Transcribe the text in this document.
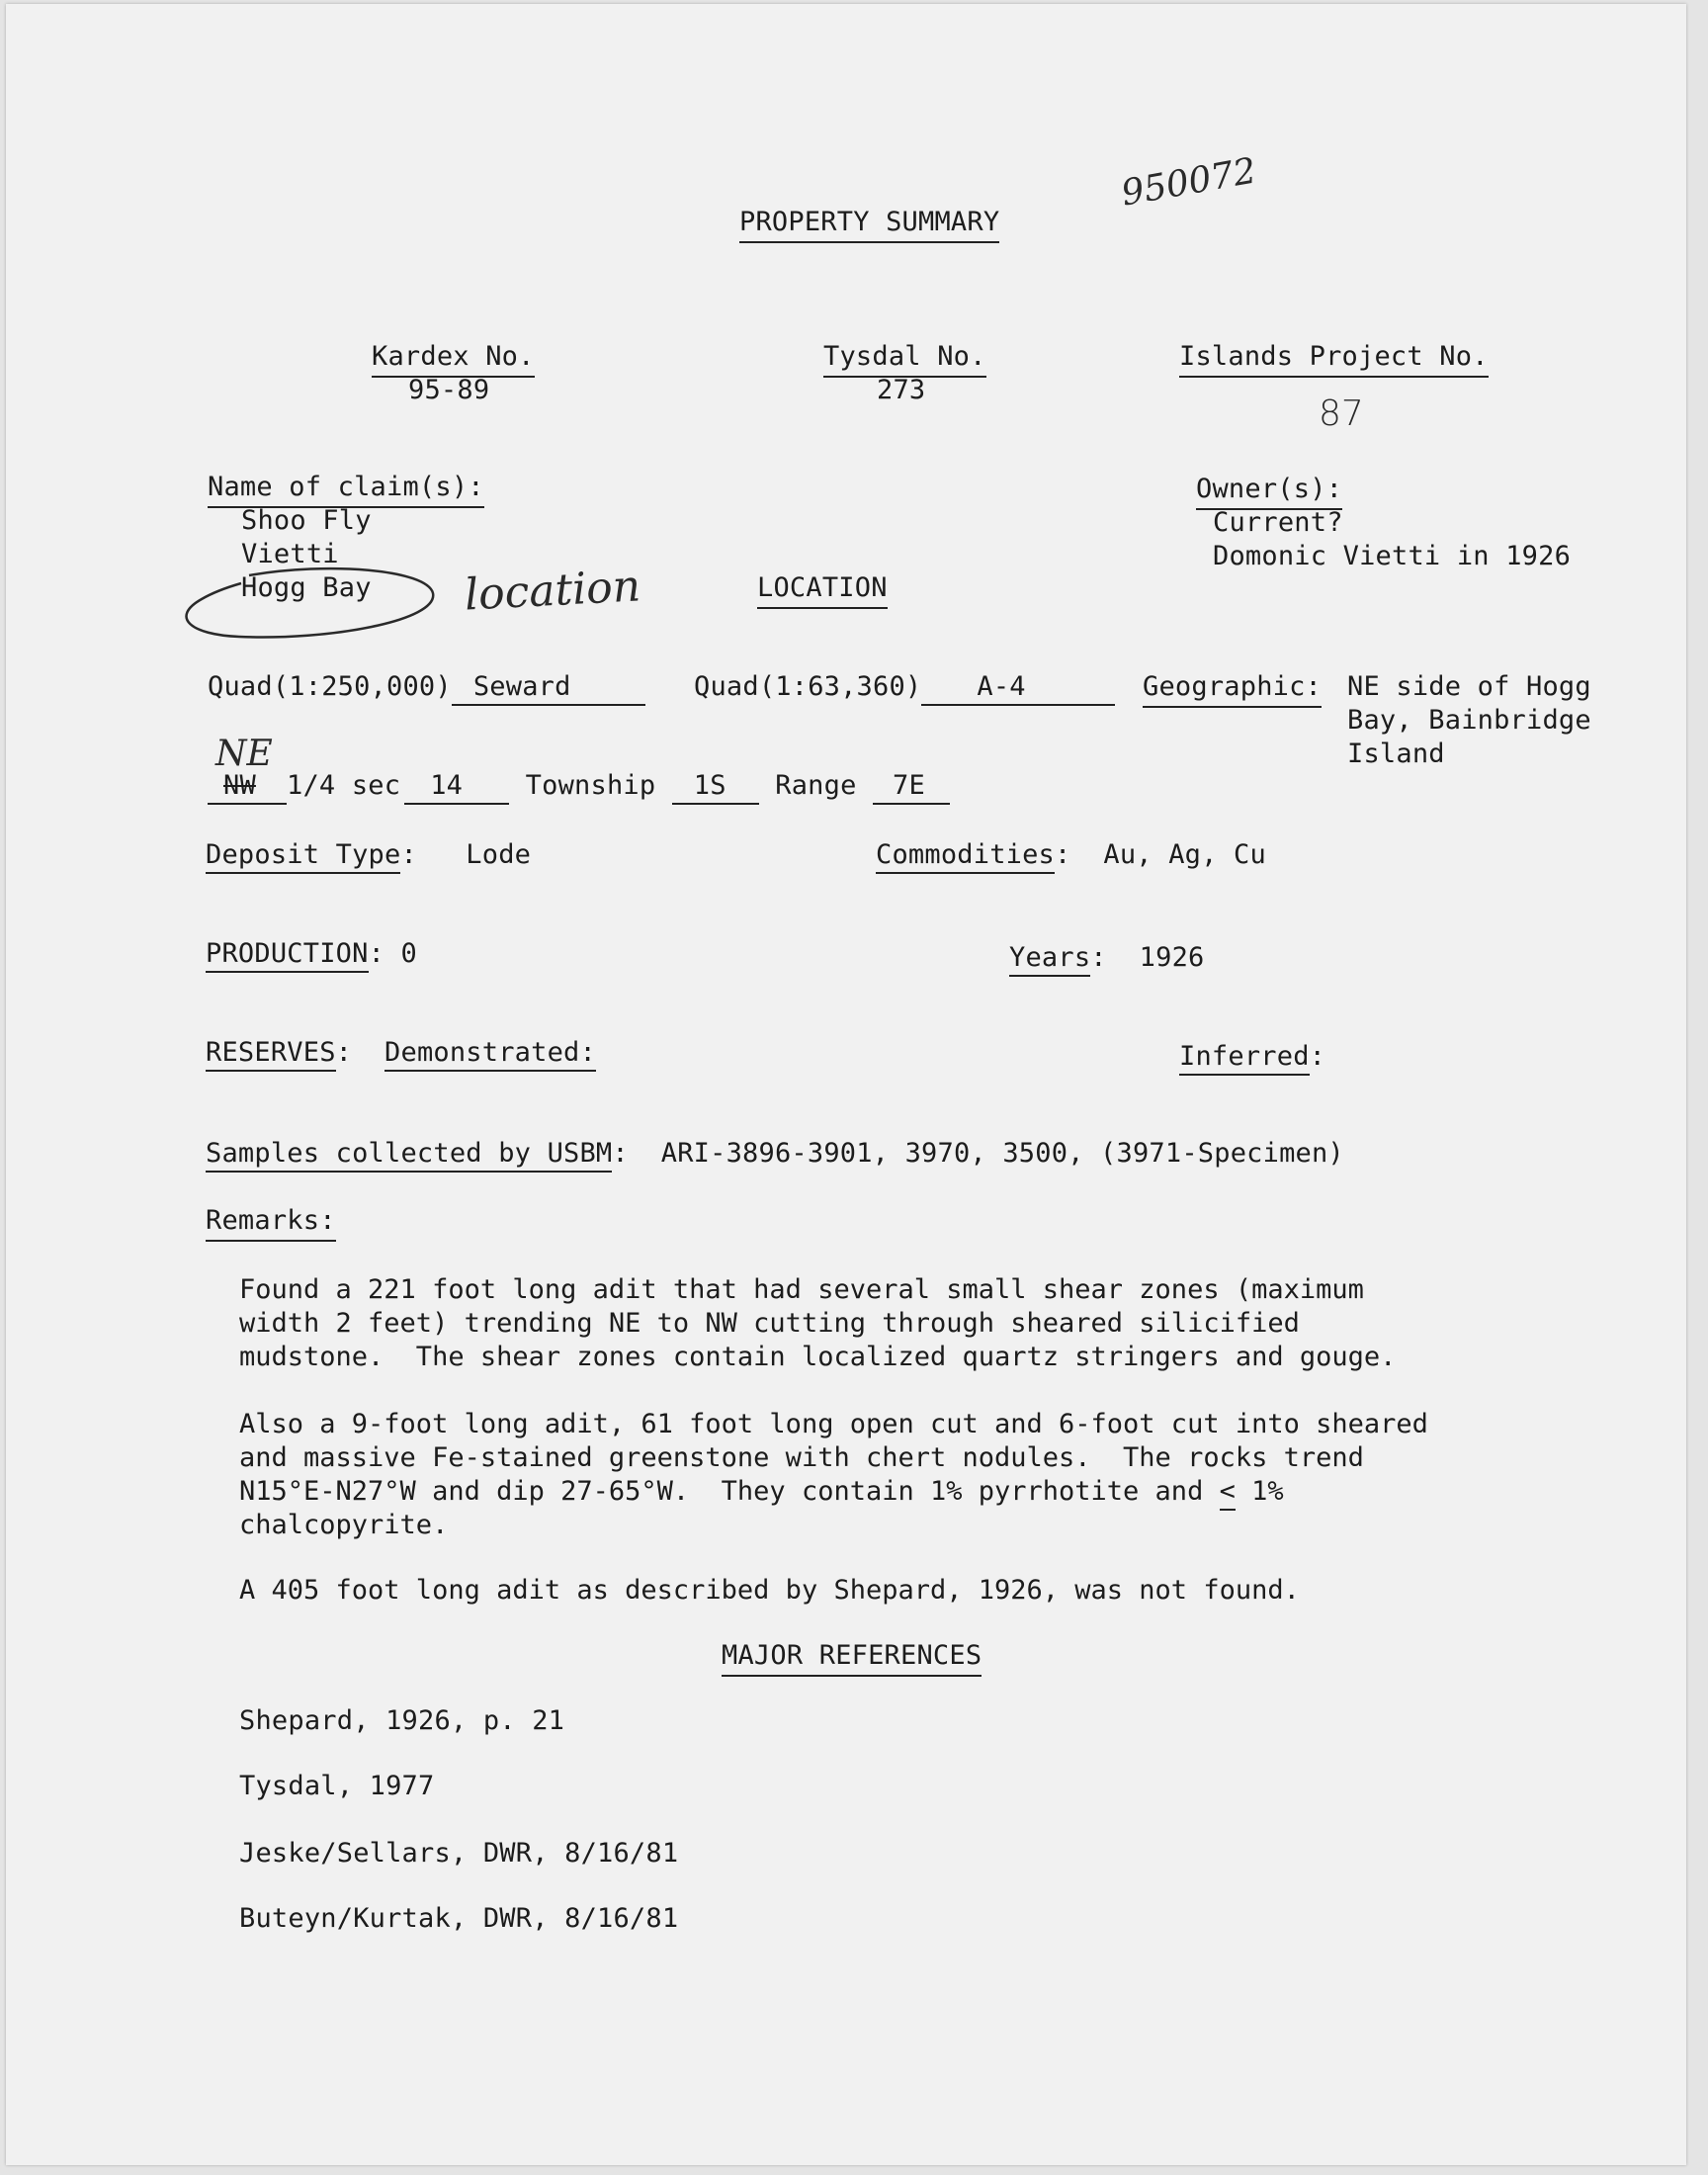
PROPERTY SUMMARY
950072
Kardex No.
95-89
Tysdal No.
273
Islands Project No.
87
Name of claim(s):
Shoo Fly
Vietti
Hogg Bay location
Owner(s):
Current?
Domonic Vietti in 1926
LOCATION
Quad(1:250,000) Seward	Quad(1:63,360) A-4	Geographic: NE side of Hogg
Bay, Bainbridge
Island
NE
NW 1/4 sec 14 Township 1S Range 7E
Deposit Type:   Lode	Commodities:  Au, Ag, Cu
PRODUCTION: 0	Years:  1926
RESERVES:  Demonstrated:	Inferred:
Samples collected by USBM:  ARI-3896-3901, 3970, 3500, (3971-Specimen)
Remarks:
Found a 221 foot long adit that had several small shear zones (maximum
width 2 feet) trending NE to NW cutting through sheared silicified
mudstone.  The shear zones contain localized quartz stringers and gouge.
Also a 9-foot long adit, 61 foot long open cut and 6-foot cut into sheared
and massive Fe-stained greenstone with chert nodules.  The rocks trend
N15°E-N27°W and dip 27-65°W.  They contain 1% pyrrhotite and < 1%
chalcopyrite.
A 405 foot long adit as described by Shepard, 1926, was not found.
MAJOR REFERENCES
Shepard, 1926, p. 21
Tysdal, 1977
Jeske/Sellars, DWR, 8/16/81
Buteyn/Kurtak, DWR, 8/16/81
